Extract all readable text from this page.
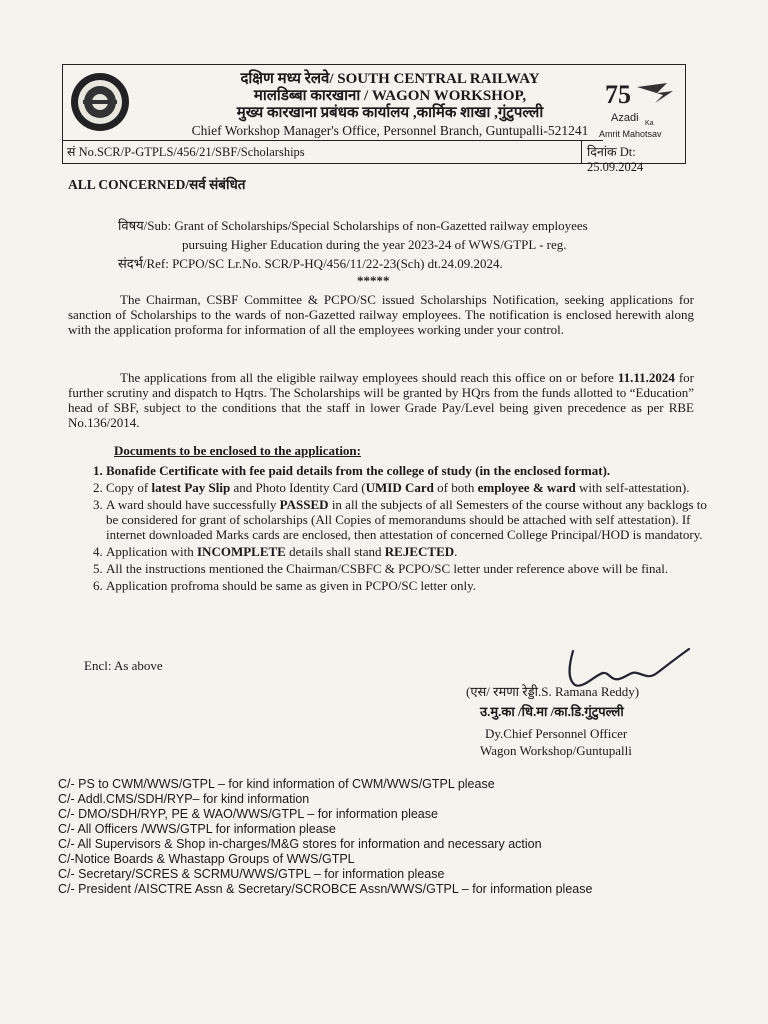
दक्षिण मध्य रेलवे/ SOUTH CENTRAL RAILWAY
मालडिब्बा कारखाना / WAGON WORKSHOP,
मुख्य कारखाना प्रबंधक कार्यालय ,कार्मिक शाखा ,गुंटुपल्ली
Chief Workshop Manager's Office, Personnel Branch, Guntupalli-521241
75
Azadi Ka
Amrit Mahotsav
सं No.SCR/P-GTPLS/456/21/SBF/Scholarships	दिनांक Dt: 25.09.2024
ALL CONCERNED/सर्व संबंधित
विषय/Sub: Grant of Scholarships/Special Scholarships of non-Gazetted railway employees
pursuing Higher Education during the year 2023-24 of WWS/GTPL - reg.
संदर्भ/Ref: PCPO/SC Lr.No. SCR/P-HQ/456/11/22-23(Sch) dt.24.09.2024.
*****
The Chairman, CSBF Committee & PCPO/SC issued Scholarships Notification, seeking applications for sanction of Scholarships to the wards of non-Gazetted railway employees. The notification is enclosed herewith along with the application proforma for information of all the employees working under your control.
The applications from all the eligible railway employees should reach this office on or before 11.11.2024 for further scrutiny and dispatch to Hqtrs. The Scholarships will be granted by HQrs from the funds allotted to “Education” head of SBF, subject to the conditions that the staff in lower Grade Pay/Level being given precedence as per RBE No.136/2014.
Documents to be enclosed to the application:
1. Bonafide Certificate with fee paid details from the college of study (in the enclosed format).
2. Copy of latest Pay Slip and Photo Identity Card (UMID Card of both employee & ward with self-attestation).
3. A ward should have successfully PASSED in all the subjects of all Semesters of the course without any backlogs to be considered for grant of scholarships (All Copies of memorandums should be attached with self attestation). If internet downloaded Marks cards are enclosed, then attestation of concerned College Principal/HOD is mandatory.
4. Application with INCOMPLETE details shall stand REJECTED.
5. All the instructions mentioned the Chairman/CSBFC & PCPO/SC letter under reference above will be final.
6. Application profroma should be same as given in PCPO/SC letter only.
Encl: As above
(एस/ रमणा रेड्डी.S. Ramana Reddy)
उ.मु.का /धि.मा /का.डि.गुंटुपल्ली
Dy.Chief Personnel Officer
Wagon Workshop/Guntupalli
C/- PS to CWM/WWS/GTPL – for kind information of CWM/WWS/GTPL please
C/- Addl.CMS/SDH/RYP– for kind information
C/- DMO/SDH/RYP, PE & WAO/WWS/GTPL – for information please
C/- All Officers /WWS/GTPL for information please
C/- All Supervisors & Shop in-charges/M&G stores for information and necessary action
C/-Notice Boards & Whastapp Groups of WWS/GTPL
C/- Secretary/SCRES & SCRMU/WWS/GTPL – for information please
C/- President /AISCTRE Assn & Secretary/SCROBCE Assn/WWS/GTPL – for information please
